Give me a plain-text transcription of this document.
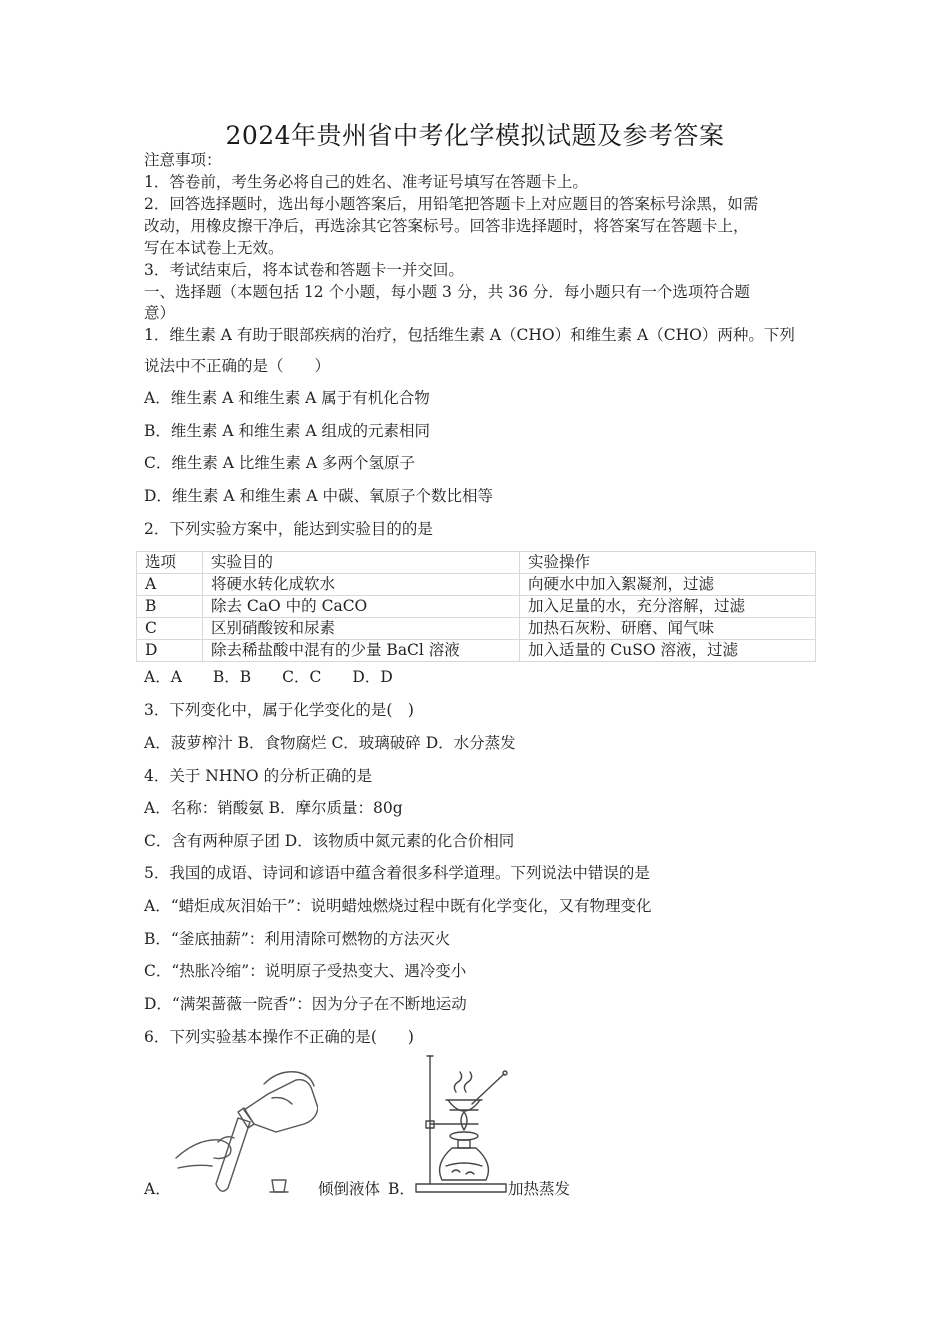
2024年贵州省中考化学模拟试题及参考答案
注意事项：
1．答卷前，考生务必将自己的姓名、准考证号填写在答题卡上。
2．回答选择题时，选出每小题答案后，用铅笔把答题卡上对应题目的答案标号涂黑，如需
改动，用橡皮擦干净后，再选涂其它答案标号。回答非选择题时，将答案写在答题卡上，
写在本试卷上无效。
3．考试结束后，将本试卷和答题卡一并交回。
一、选择题（本题包括 12 个小题，每小题 3 分，共 36 分．每小题只有一个选项符合题
意）
1．维生素 A 有助于眼部疾病的治疗，包括维生素 A（CHO）和维生素 A（CHO）两种。下列
说法中不正确的是（　　）
A．维生素 A 和维生素 A 属于有机化合物
B．维生素 A 和维生素 A 组成的元素相同
C．维生素 A 比维生素 A 多两个氢原子
D．维生素 A 和维生素 A 中碳、氧原子个数比相等
2．下列实验方案中，能达到实验目的的是
选项	实验目的	实验操作
A	将硬水转化成软水	向硬水中加入絮凝剂，过滤
B	除去 CaO 中的 CaCO	加入足量的水，充分溶解，过滤
C	区别硝酸铵和尿素	加热石灰粉、研磨、闻气味
D	除去稀盐酸中混有的少量 BaCl 溶液	加入适量的 CuSO 溶液，过滤
A．A　　B．B　　C．C　　D．D
3．下列变化中，属于化学变化的是(　)
A．菠萝榨汁 B．食物腐烂 C．玻璃破碎 D．水分蒸发
4．关于 NHNO 的分析正确的是
A．名称：销酸氨 B．摩尔质量：80g
C．含有两种原子团 D．该物质中氮元素的化合价相同
5．我国的成语、诗词和谚语中蕴含着很多科学道理。下列说法中错误的是
A．“蜡炬成灰泪始干”：说明蜡烛燃烧过程中既有化学变化，又有物理变化
B．“釜底抽薪”：利用清除可燃物的方法灭火
C．“热胀冷缩”：说明原子受热变大、遇冷变小
D．“满架蔷薇一院香”：因为分子在不断地运动
6．下列实验基本操作不正确的是(　　)
A．	倾倒液体 B．	加热蒸发
